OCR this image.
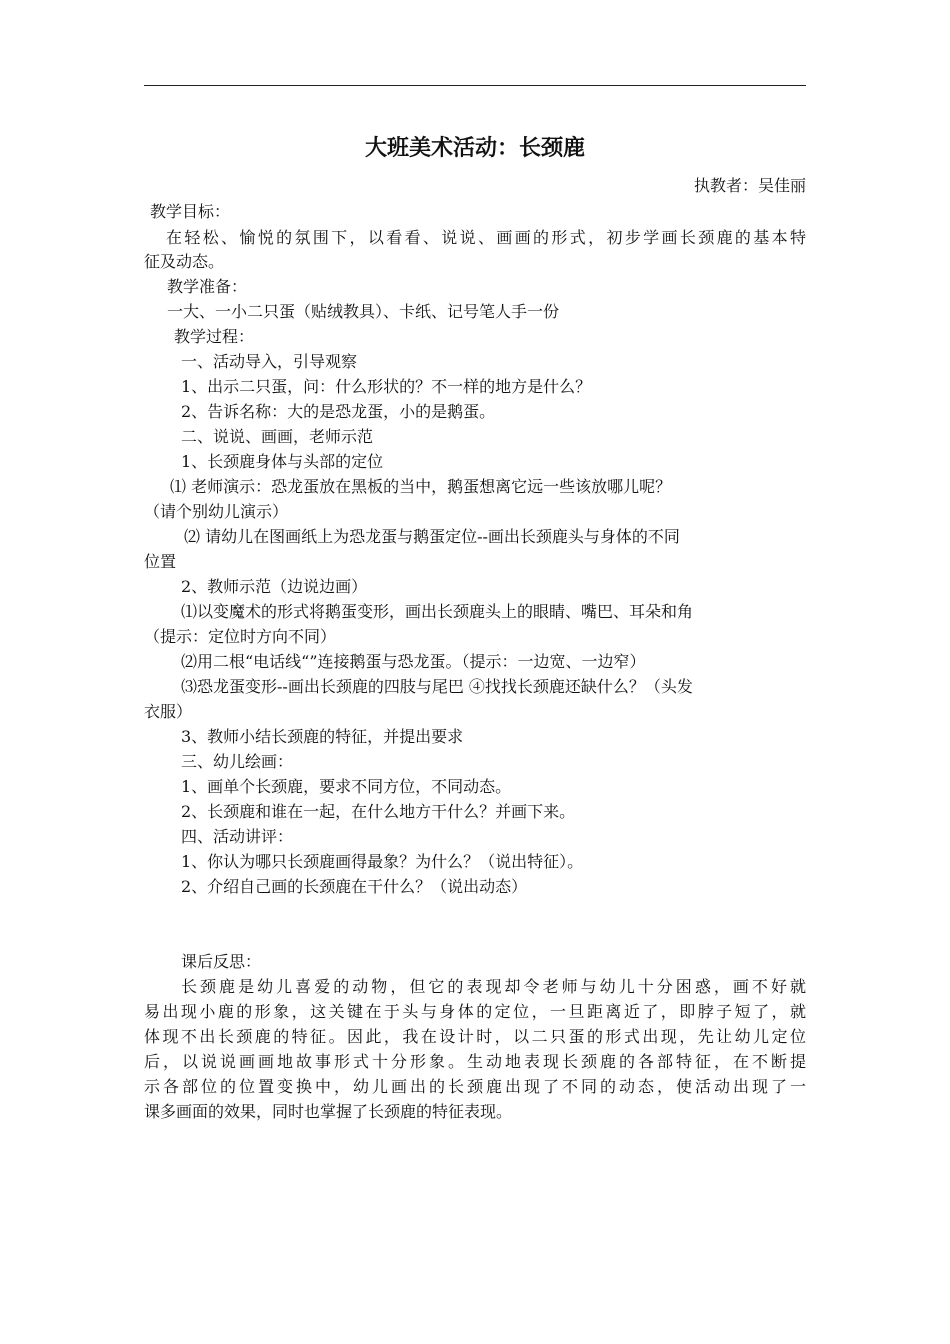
大班美术活动：长颈鹿
执教者：吴佳丽
教学目标：
在轻松、愉悦的氛围下，以看看、说说、画画的形式，初步学画长颈鹿的基本特
征及动态。
教学准备：
一大、一小二只蛋（贴绒教具）、卡纸、记号笔人手一份
教学过程：
一、活动导入，引导观察
1、出示二只蛋，问：什么形状的？不一样的地方是什么？
2、告诉名称：大的是恐龙蛋，小的是鹅蛋。
二、说说、画画，老师示范
1、长颈鹿身体与头部的定位
⑴ 老师演示：恐龙蛋放在黑板的当中，鹅蛋想离它远一些该放哪儿呢？
（请个别幼儿演示）
⑵ 请幼儿在图画纸上为恐龙蛋与鹅蛋定位--画出长颈鹿头与身体的不同
位置
2、教师示范（边说边画）
⑴以变魔术的形式将鹅蛋变形，画出长颈鹿头上的眼睛、嘴巴、耳朵和角
（提示：定位时方向不同）
⑵用二根“电话线“”连接鹅蛋与恐龙蛋。（提示：一边宽、一边窄）
⑶恐龙蛋变形--画出长颈鹿的四肢与尾巴 ④找找长颈鹿还缺什么？（头发
衣服）
3、教师小结长颈鹿的特征，并提出要求
三、幼儿绘画：
1、画单个长颈鹿，要求不同方位，不同动态。
2、长颈鹿和谁在一起，在什么地方干什么？并画下来。
四、活动讲评：
1、你认为哪只长颈鹿画得最象？为什么？（说出特征）。
2、介绍自己画的长颈鹿在干什么？（说出动态）
课后反思：
长颈鹿是幼儿喜爱的动物，但它的表现却令老师与幼儿十分困惑，画不好就
易出现小鹿的形象，这关键在于头与身体的定位，一旦距离近了，即脖子短了，就
体现不出长颈鹿的特征。因此，我在设计时，以二只蛋的形式出现，先让幼儿定位
后，以说说画画地故事形式十分形象。生动地表现长颈鹿的各部特征，在不断提
示各部位的位置变换中，幼儿画出的长颈鹿出现了不同的动态，使活动出现了一
课多画面的效果，同时也掌握了长颈鹿的特征表现。
